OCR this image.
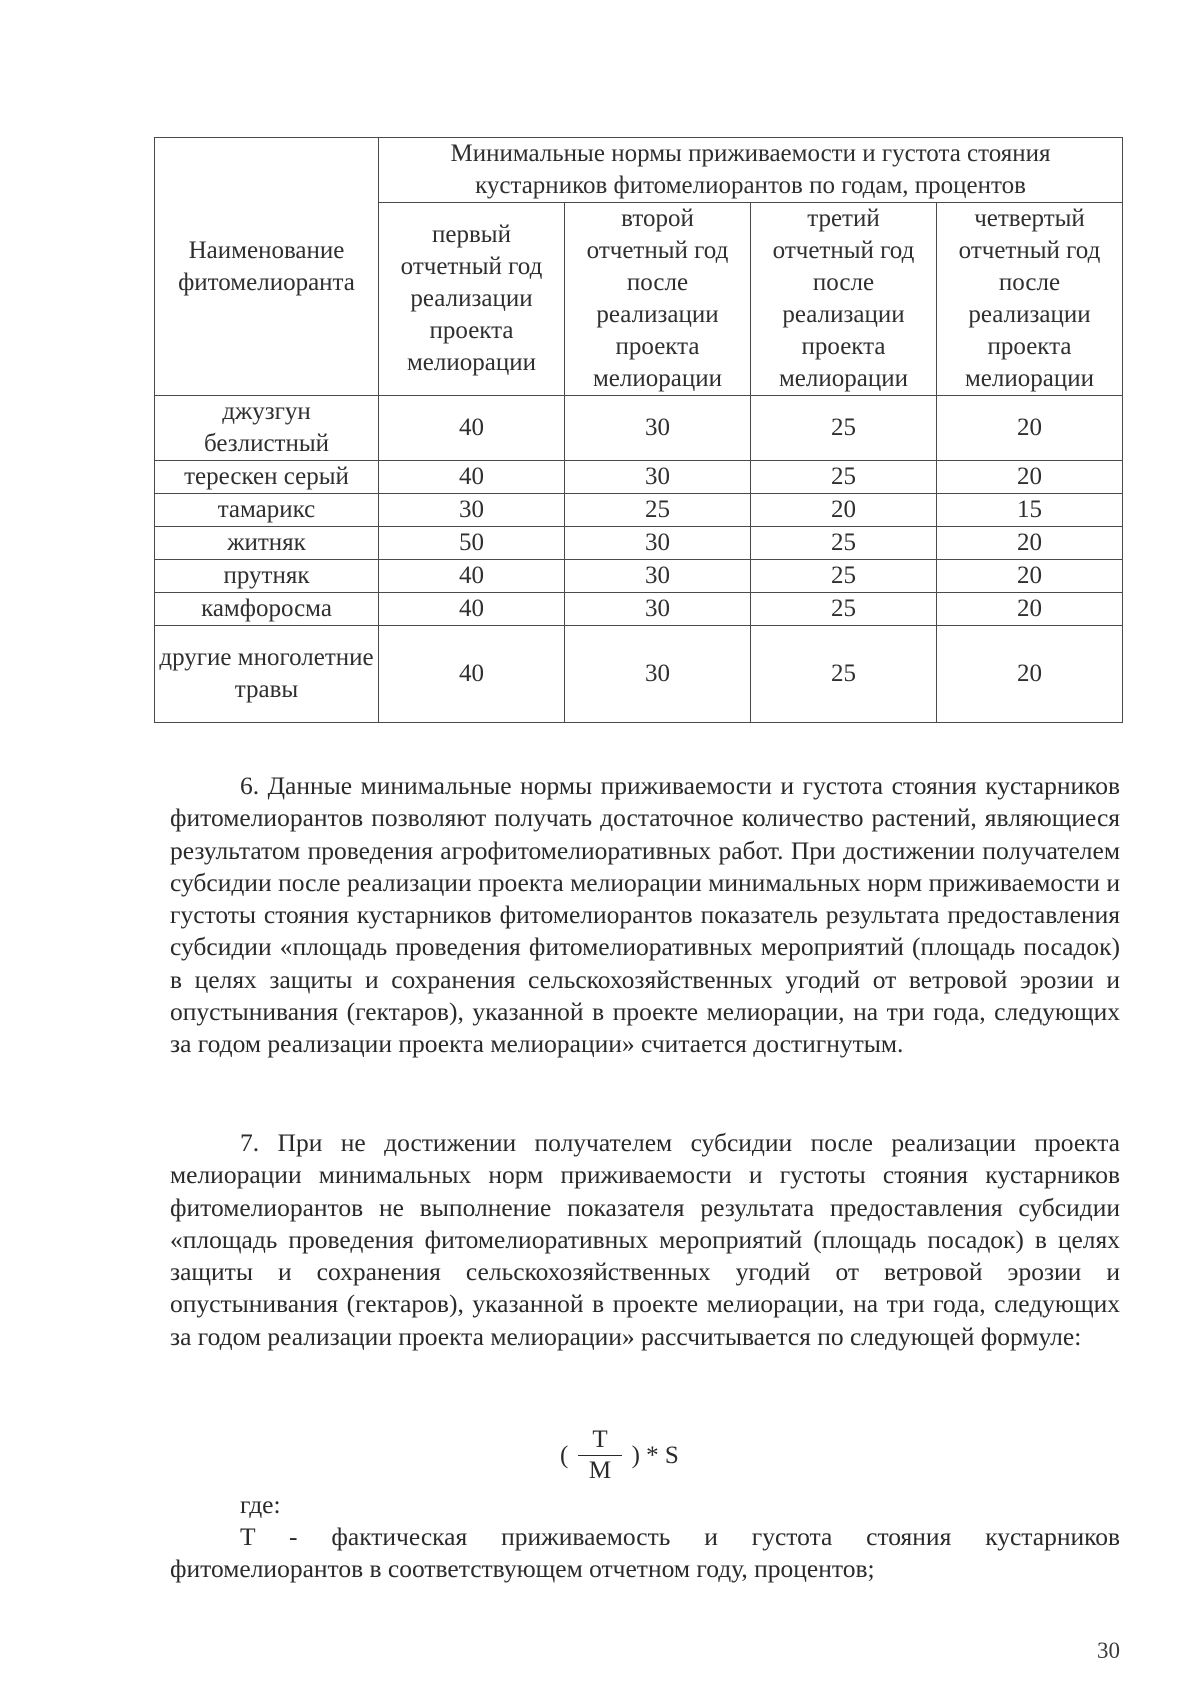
Наименование фитомелиоранта	Минимальные нормы приживаемости и густота стояния кустарников фитомелиорантов по годам, процентов			
	первый отчетный год реализации проекта мелиорации	второй отчетный год после реализации проекта мелиорации	третий отчетный год после реализации проекта мелиорации	четвертый отчетный год после реализации проекта мелиорации
джузгун безлистный	40	30	25	20
терескен серый	40	30	25	20
тамарикс	30	25	20	15
житняк	50	30	25	20
прутняк	40	30	25	20
камфоросма	40	30	25	20
другие многолетние травы	40	30	25	20
6. Данные минимальные нормы приживаемости и густота стояния кустарников фитомелиорантов позволяют получать достаточное количество растений, являющиеся результатом проведения агрофитомелиоративных работ. При достижении получателем субсидии после реализации проекта мелиорации минимальных норм приживаемости и густоты стояния кустарников фитомелиорантов показатель результата предоставления субсидии «площадь проведения фитомелиоративных мероприятий (площадь посадок) в целях защиты и сохранения сельскохозяйственных угодий от ветровой эрозии и опустынивания (гектаров), указанной в проекте мелиорации, на три года, следующих за годом реализации проекта мелиорации» считается достигнутым.
7. При не достижении получателем субсидии после реализации проекта мелиорации минимальных норм приживаемости и густоты стояния кустарников фитомелиорантов не выполнение показателя результата предоставления субсидии «площадь проведения фитомелиоративных мероприятий (площадь посадок) в целях защиты и сохранения сельскохозяйственных угодий от ветровой эрозии и опустынивания (гектаров), указанной в проекте мелиорации, на три года, следующих за годом реализации проекта мелиорации» рассчитывается по следующей формуле:
( $\frac{T}{M}$ ) * S
где:
T - фактическая приживаемость и густота стояния кустарников фитомелиорантов в соответствующем отчетном году, процентов;
30
